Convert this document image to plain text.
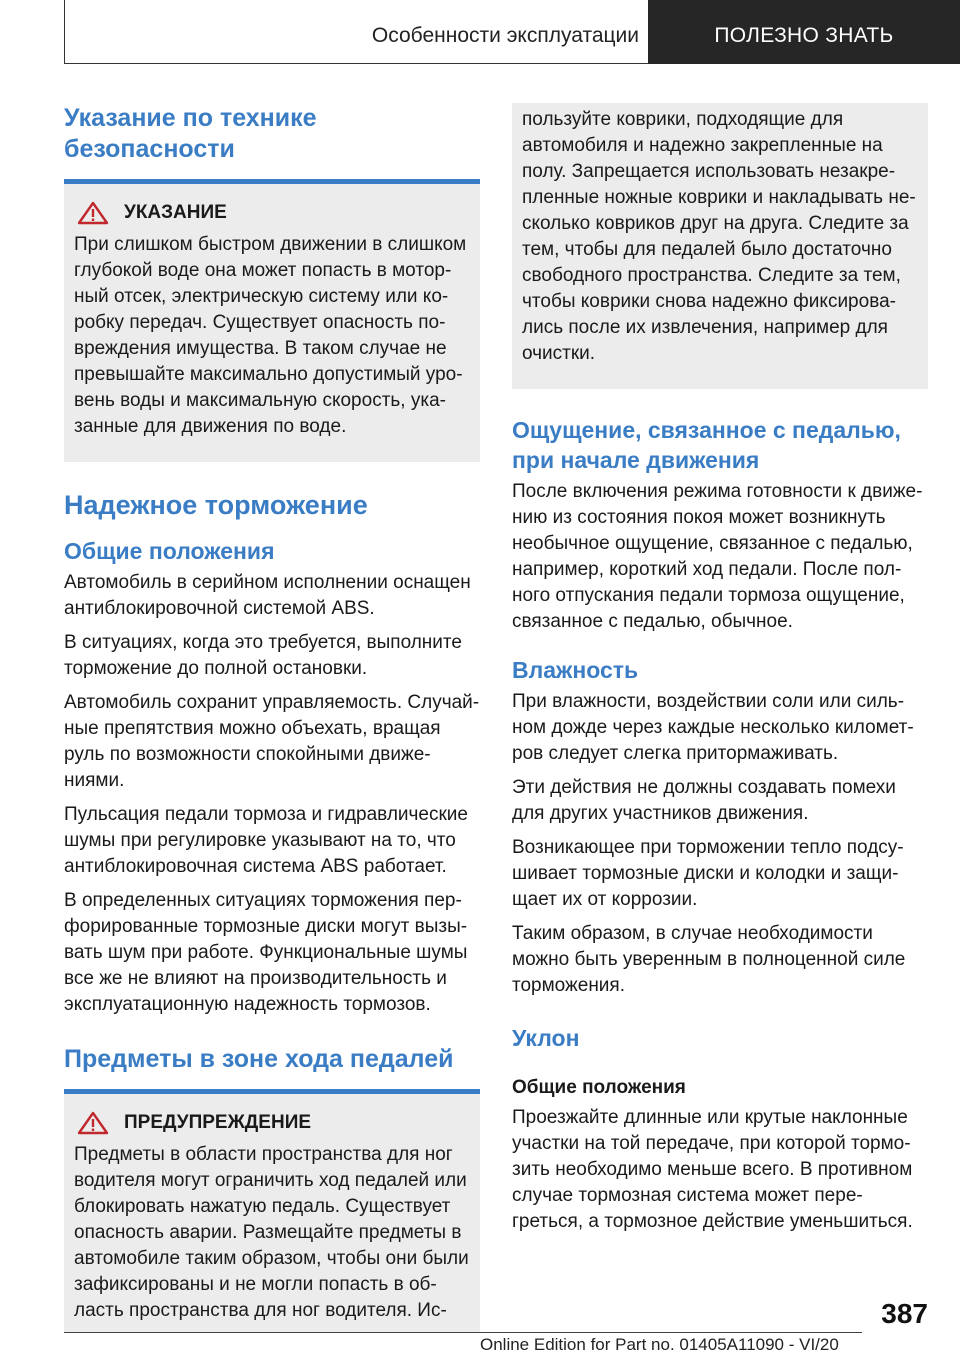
Особенности эксплуатации	ПОЛЕЗНО ЗНАТЬ
Указание по технике безопасности
УКАЗАНИЕ

При слишком быстром движении в слишком
глубокой воде она может попасть в мотор-
ный отсек, электрическую систему или ко-
робку передач. Существует опасность по-
вреждения имущества. В таком случае не
превышайте максимально допустимый уро-
вень воды и максимальную скорость, ука-
занные для движения по воде.

Надежное торможение
Общие положения

Автомобиль в серийном исполнении оснащен
антиблокировочной системой ABS.

В ситуациях, когда это требуется, выполните
торможение до полной остановки.

Автомобиль сохранит управляемость. Случай-
ные препятствия можно объехать, вращая
руль по возможности спокойными движе-
ниями.

Пульсация педали тормоза и гидравлические
шумы при регулировке указывают на то, что
антиблокировочная система ABS работает.

В определенных ситуациях торможения пер-
форированные тормозные диски могут вызы-
вать шум при работе. Функциональные шумы
все же не влияют на производительность и
эксплуатационную надежность тормозов.

Предметы в зоне хода педалей
ПРЕДУПРЕЖДЕНИЕ

Предметы в области пространства для ног
водителя могут ограничить ход педалей или
блокировать нажатую педаль. Существует
опасность аварии. Размещайте предметы в
автомобиле таким образом, чтобы они были
зафиксированы и не могли попасть в об-
ласть пространства для ног водителя. Ис-

пользуйте коврики, подходящие для
автомобиля и надежно закрепленные на
полу. Запрещается использовать незакре-
пленные ножные коврики и накладывать не-
сколько ковриков друг на друга. Следите за
тем, чтобы для педалей было достаточно
свободного пространства. Следите за тем,
чтобы коврики снова надежно фиксирова-
лись после их извлечения, например для
очистки.

Ощущение, связанное с педалью,
при начале движения

После включения режима готовности к движе-
нию из состояния покоя может возникнуть
необычное ощущение, связанное с педалью,
например, короткий ход педали. После пол-
ного отпускания педали тормоза ощущение,
связанное с педалью, обычное.

Влажность

При влажности, воздействии соли или силь-
ном дожде через каждые несколько километ-
ров следует слегка притормаживать.

Эти действия не должны создавать помехи
для других участников движения.

Возникающее при торможении тепло подсу-
шивает тормозные диски и колодки и защи-
щает их от коррозии.

Таким образом, в случае необходимости
можно быть уверенным в полноценной силе
торможения.

Уклон
Общие положения

Проезжайте длинные или крутые наклонные
участки на той передаче, при которой тормо-
зить необходимо меньше всего. В противном
случае тормозная система может пере-
греться, а тормозное действие уменьшиться.

387
Online Edition for Part no. 01405A11090 - VI/20
